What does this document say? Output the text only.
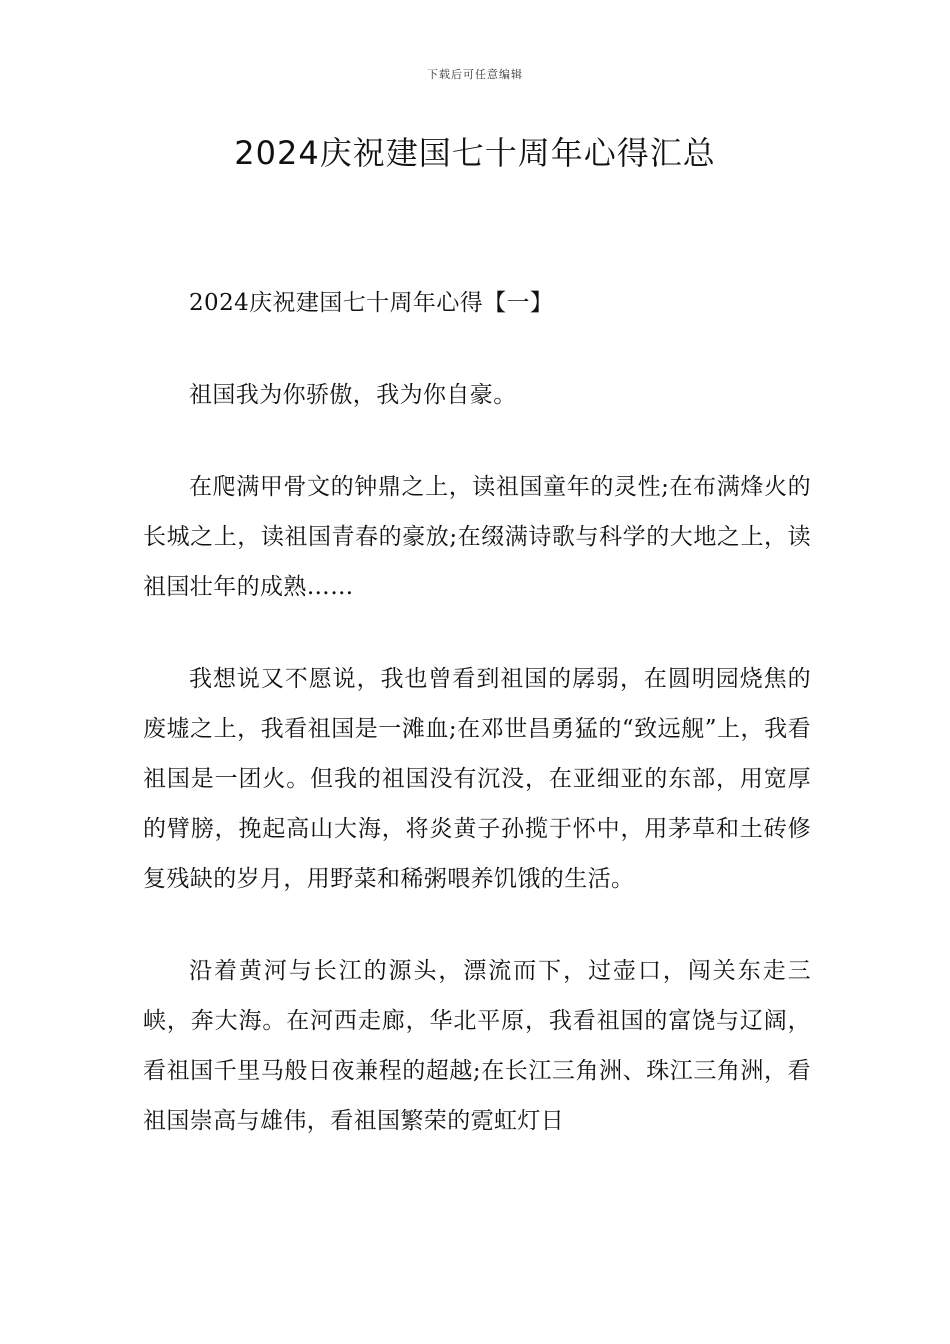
下载后可任意编辑
2024庆祝建国七十周年心得汇总

2024庆祝建国七十周年心得【一】

祖国我为你骄傲，我为你自豪。

在爬满甲骨文的钟鼎之上，读祖国童年的灵性;在布满烽火的长城之上，读祖国青春的豪放;在缀满诗歌与科学的大地之上，读祖国壮年的成熟……

我想说又不愿说，我也曾看到祖国的孱弱，在圆明园烧焦的废墟之上，我看祖国是一滩血;在邓世昌勇猛的“致远舰”上，我看祖国是一团火。但我的祖国没有沉没，在亚细亚的东部，用宽厚的臂膀，挽起高山大海，将炎黄子孙揽于怀中，用茅草和土砖修复残缺的岁月，用野菜和稀粥喂养饥饿的生活。

沿着黄河与长江的源头，漂流而下，过壶口，闯关东走三峡，奔大海。在河西走廊，华北平原，我看祖国的富饶与辽阔，看祖国千里马般日夜兼程的超越;在长江三角洲、珠江三角洲，看祖国崇高与雄伟，看祖国繁荣的霓虹灯日
